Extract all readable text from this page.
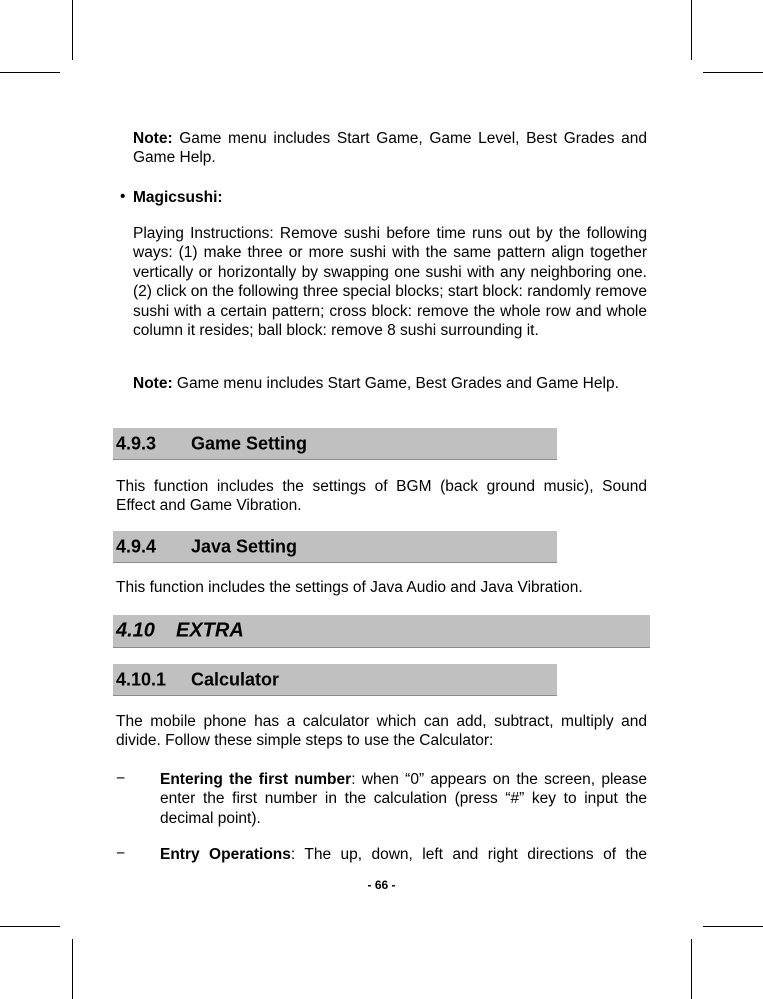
Note: Game menu includes Start Game, Game Level, Best Grades and Game Help.
• Magicsushi:
Playing Instructions: Remove sushi before time runs out by the following ways: (1) make three or more sushi with the same pattern align together vertically or horizontally by swapping one sushi with any neighboring one. (2) click on the following three special blocks; start block: randomly remove sushi with a certain pattern; cross block: remove the whole row and whole column it resides; ball block: remove 8 sushi surrounding it.
Note: Game menu includes Start Game, Best Grades and Game Help.
4.9.3 Game Setting
This function includes the settings of BGM (back ground music), Sound Effect and Game Vibration.
4.9.4 Java Setting
This function includes the settings of Java Audio and Java Vibration.
4.10 EXTRA
4.10.1 Calculator
The mobile phone has a calculator which can add, subtract, multiply and divide. Follow these simple steps to use the Calculator:
− Entering the first number: when “0” appears on the screen, please enter the first number in the calculation (press “#” key to input the decimal point).
− Entry Operations: The up, down, left and right directions of the
- 66 -
